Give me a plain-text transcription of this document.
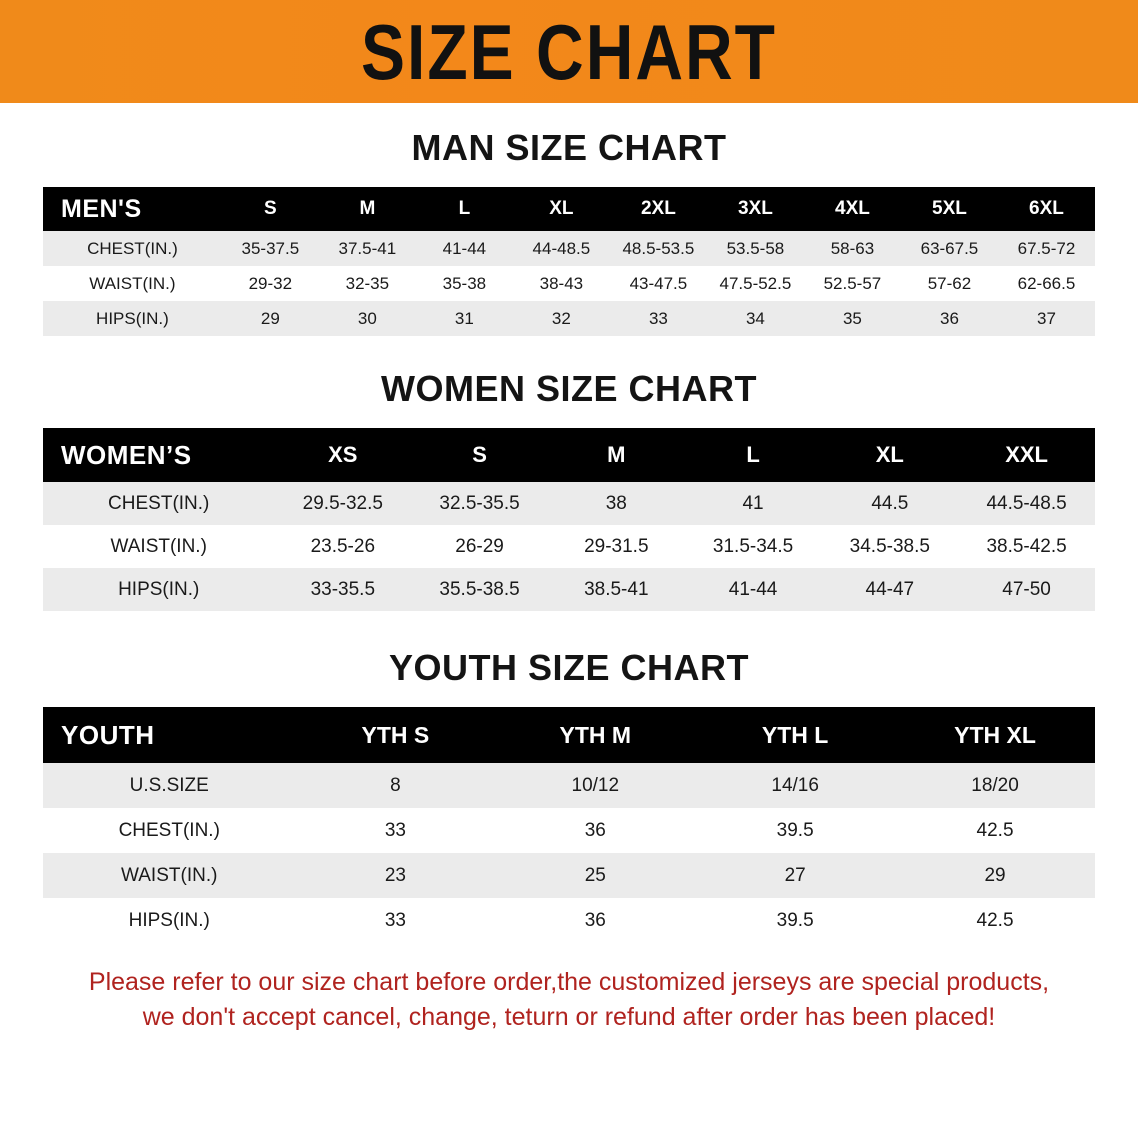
SIZE CHART
MAN SIZE CHART
MEN'S	S	M	L	XL	2XL	3XL	4XL	5XL	6XL
CHEST(IN.)	35-37.5	37.5-41	41-44	44-48.5	48.5-53.5	53.5-58	58-63	63-67.5	67.5-72
WAIST(IN.)	29-32	32-35	35-38	38-43	43-47.5	47.5-52.5	52.5-57	57-62	62-66.5
HIPS(IN.)	29	30	31	32	33	34	35	36	37
WOMEN SIZE CHART
WOMEN’S	XS	S	M	L	XL	XXL
CHEST(IN.)	29.5-32.5	32.5-35.5	38	41	44.5	44.5-48.5
WAIST(IN.)	23.5-26	26-29	29-31.5	31.5-34.5	34.5-38.5	38.5-42.5
HIPS(IN.)	33-35.5	35.5-38.5	38.5-41	41-44	44-47	47-50
YOUTH SIZE CHART
YOUTH	YTH S	YTH M	YTH L	YTH XL
U.S.SIZE	8	10/12	14/16	18/20
CHEST(IN.)	33	36	39.5	42.5
WAIST(IN.)	23	25	27	29
HIPS(IN.)	33	36	39.5	42.5
Please refer to our size chart before order,the customized jerseys are special products,
we don't accept cancel, change, teturn or refund after order has been placed!
